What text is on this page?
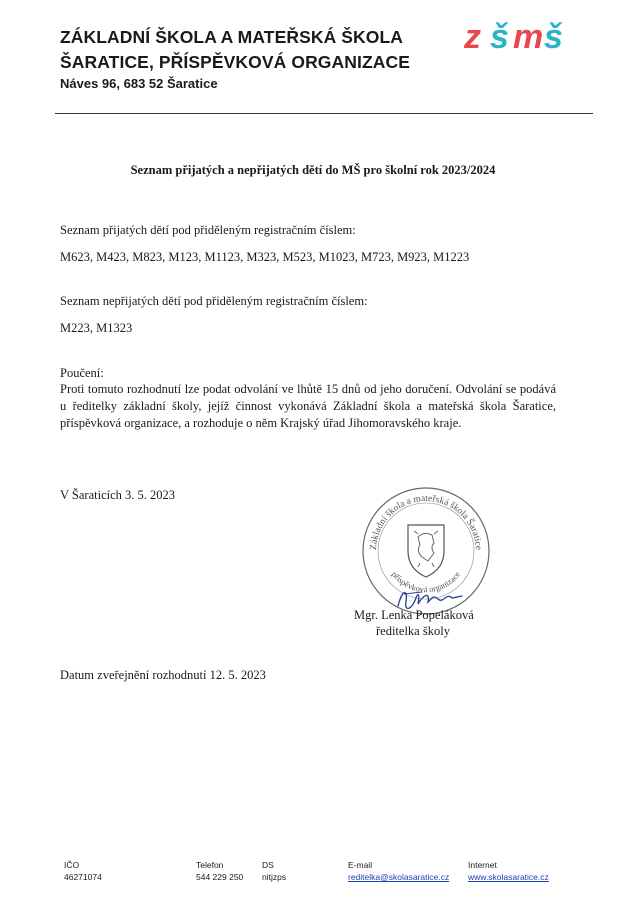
ZÁKLADNÍ ŠKOLA A MATEŘSKÁ ŠKOLA
ŠARATICE, PŘÍSPĚVKOVÁ ORGANIZACE
Náves 96, 683 52 Šaratice
z š m š
Seznam přijatých a nepřijatých dětí do MŠ pro školní rok 2023/2024
Seznam přijatých dětí pod přiděleným registračním číslem:
M623, M423, M823, M123, M1123, M323, M523, M1023, M723, M923, M1223
Seznam nepřijatých dětí pod přiděleným registračním číslem:
M223, M1323
Poučení:
Proti tomuto rozhodnutí lze podat odvolání ve lhůtě 15 dnů od jeho doručení. Odvolání se podává u ředitelky základní školy, jejíž činnost vykonává Základní škola a mateřská škola Šaratice, příspěvková organizace, a rozhoduje o něm Krajský úřad Jihomoravského kraje.
V Šaraticích 3. 5. 2023
Základní škola a mateřská škola Šaratice
příspěvková organizace
Mgr. Lenka Popeláková
ředitelka školy
Datum zveřejnění rozhodnutí 12. 5. 2023
IČO
46271074
Telefon
544 229 250
DS
nitjzps
E-mail
reditelka@skolasaratice.cz
Internet
www.skolasaratice.cz
